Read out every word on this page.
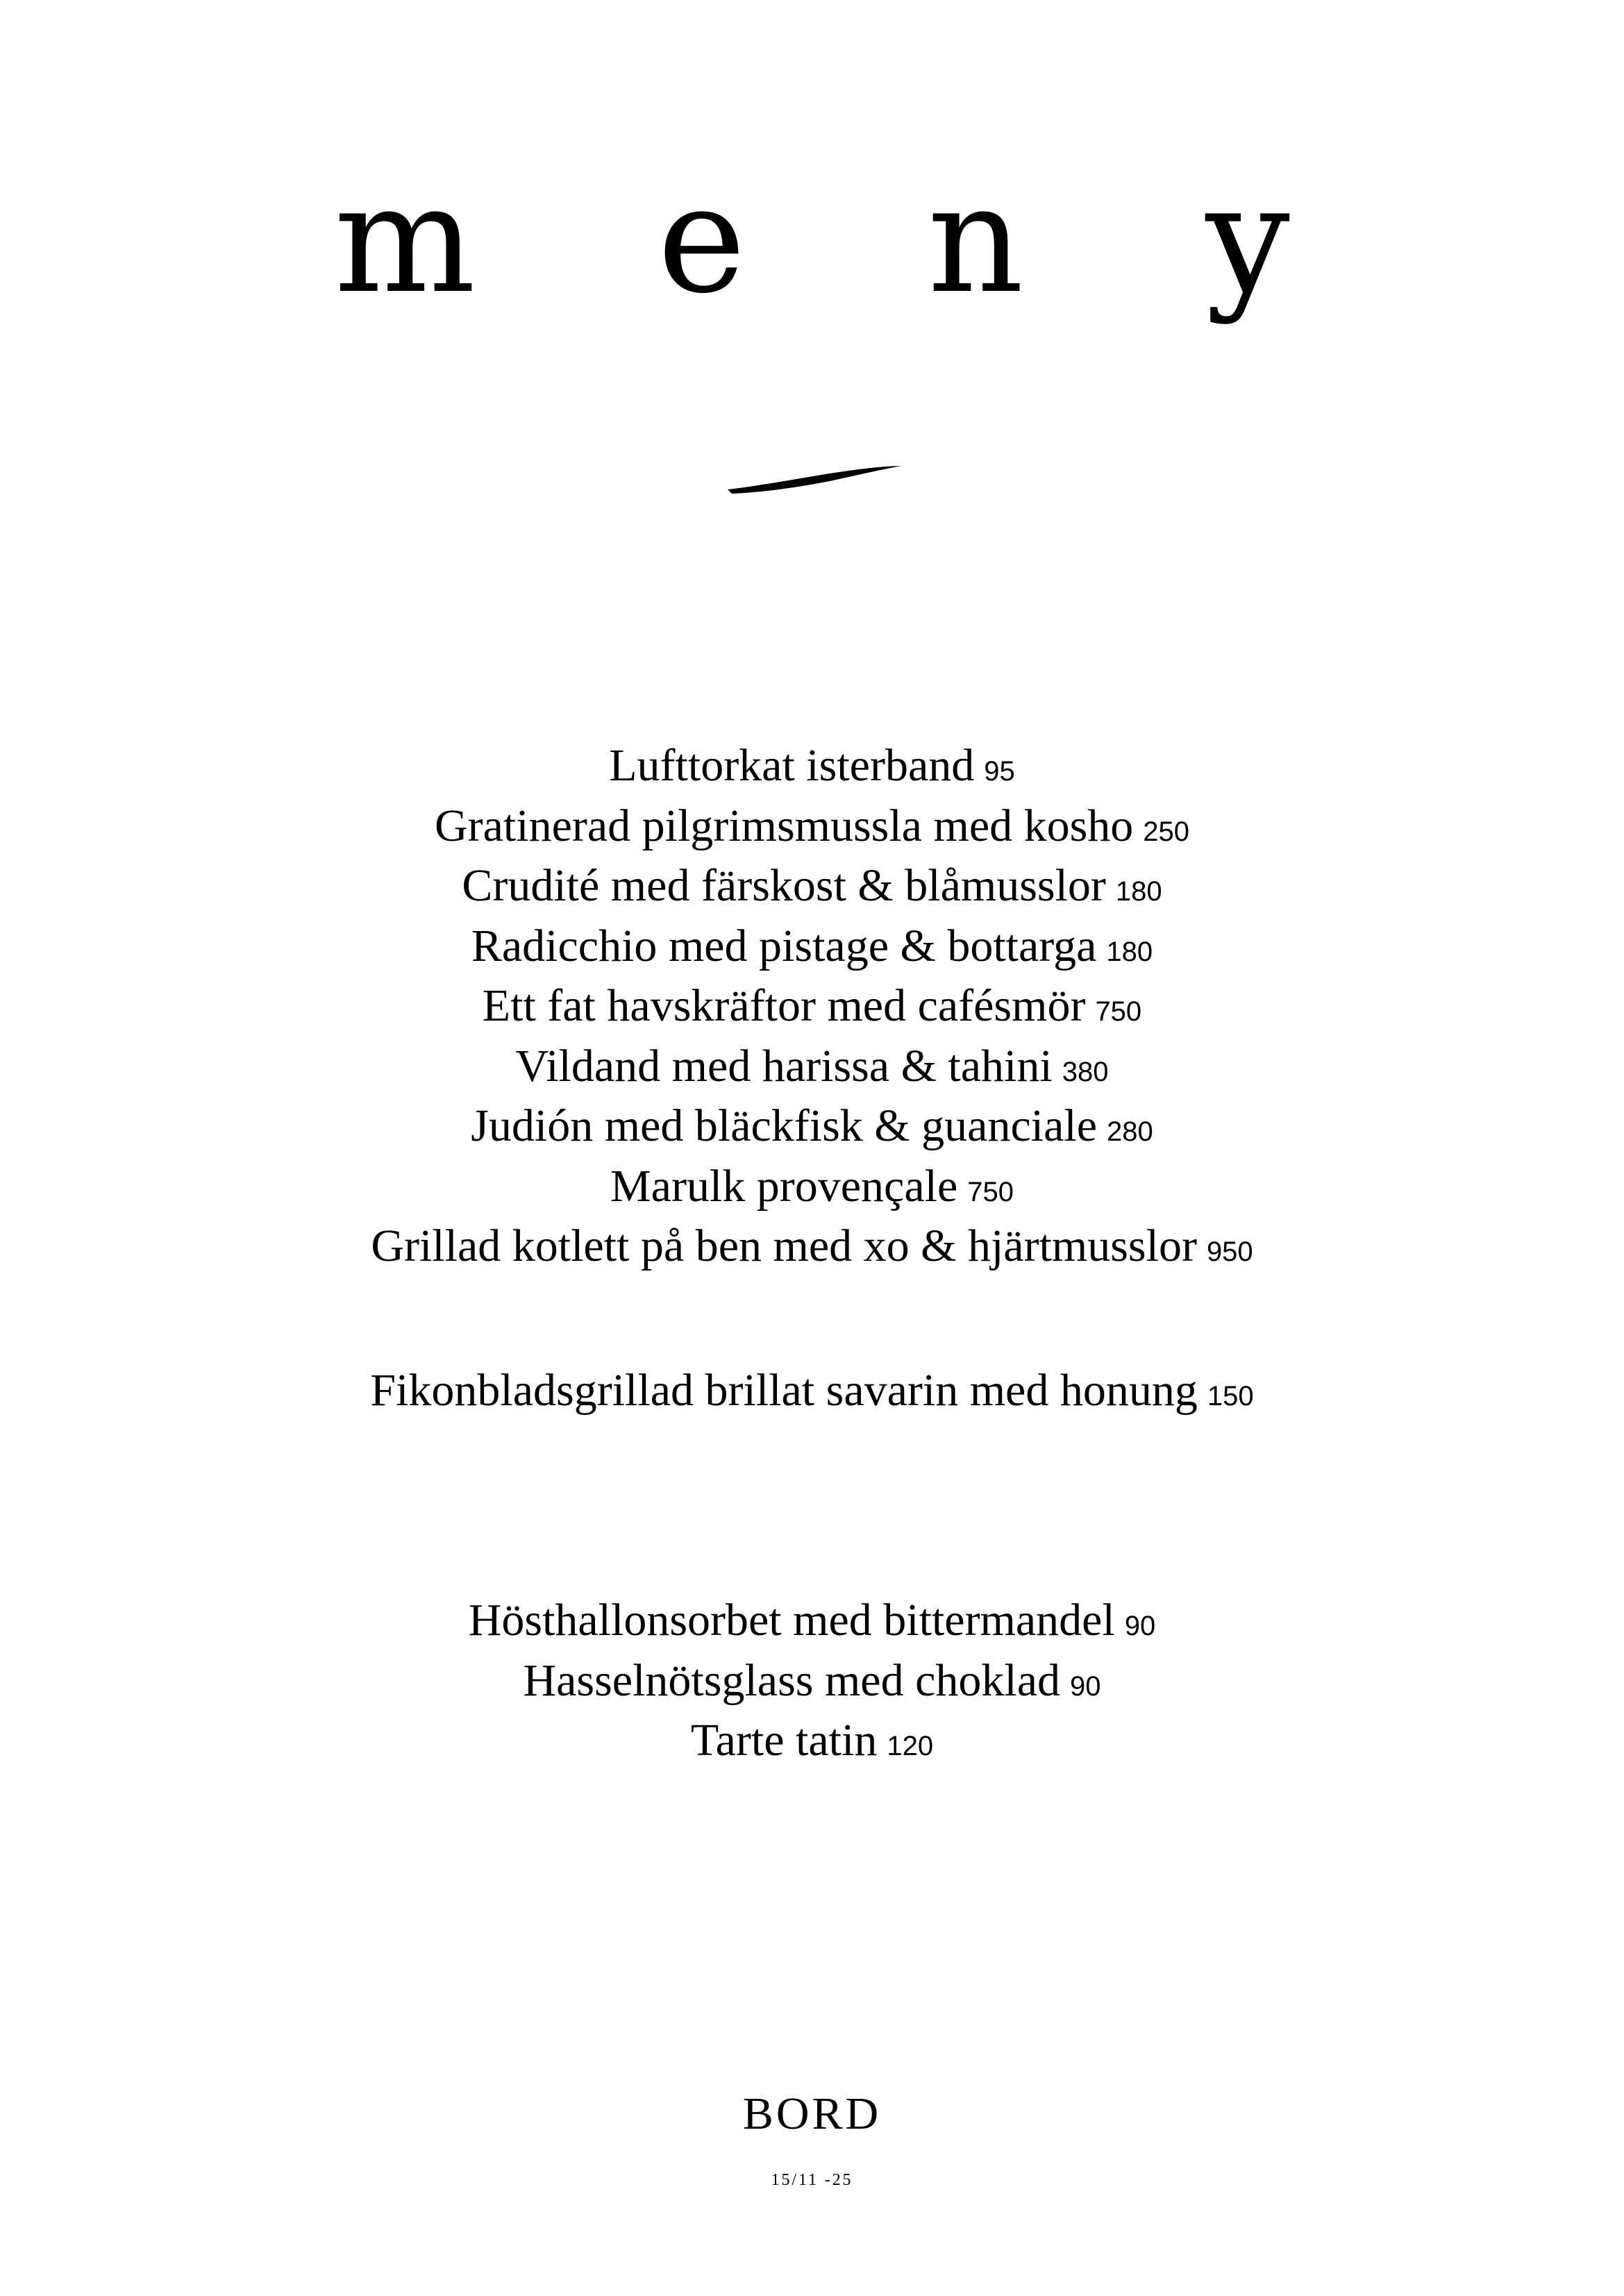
m e n y
Lufttorkat isterband 95
Gratinerad pilgrimsmussla med kosho 250
Crudité med färskost & blåmusslor 180
Radicchio med pistage & bottarga 180
Ett fat havskräftor med cafésmör 750
Vildand med harissa & tahini 380
Judión med bläckfisk & guanciale 280
Marulk provençale 750
Grillad kotlett på ben med xo & hjärtmusslor 950
Fikonbladsgrillad brillat savarin med honung 150
Hösthallonsorbet med bittermandel 90
Hasselnötsglass med choklad 90
Tarte tatin 120
BORD
15/11 -25
